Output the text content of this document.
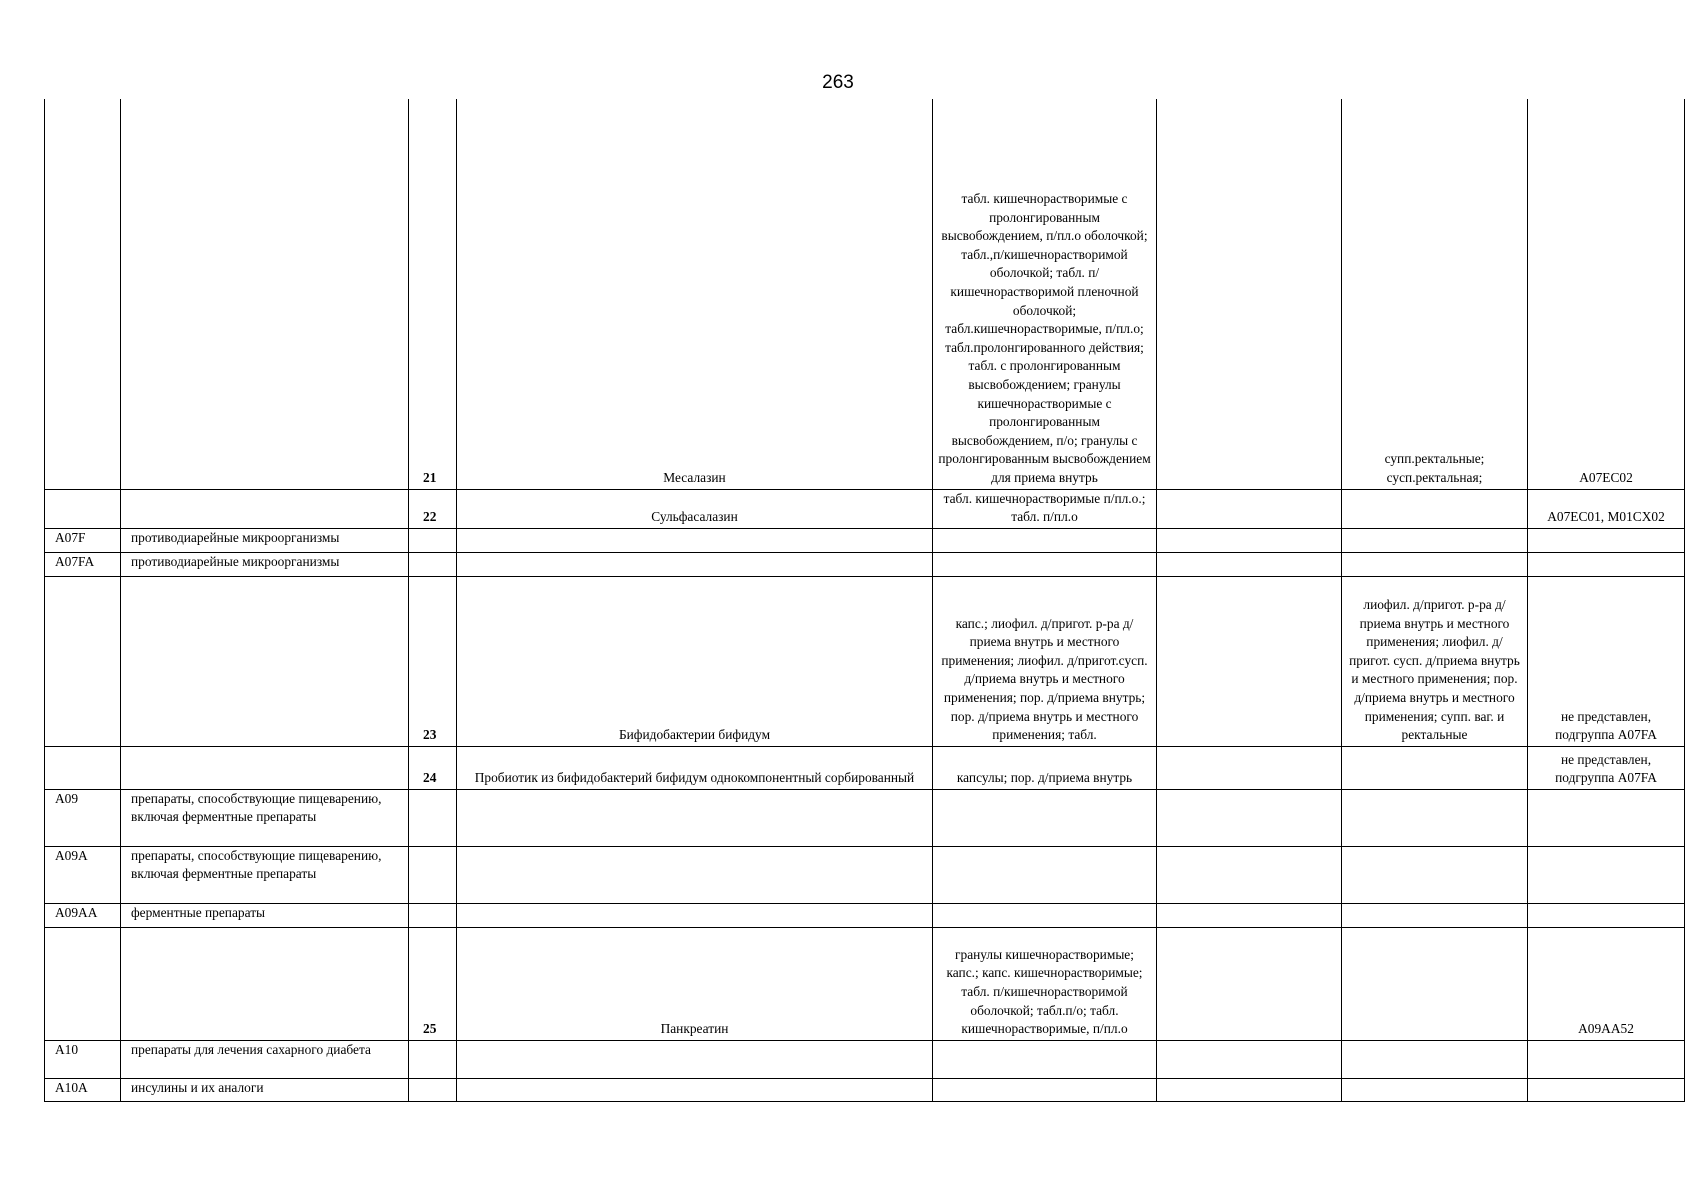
263
		21	Месалазин	табл. кишечнорастворимые с пролонгированным высвобождением, п/пл.о оболочкой; табл.,п/кишечнорастворимой оболочкой; табл. п/кишечнорастворимой пленочной оболочкой; табл.кишечнорастворимые, п/пл.о; табл.пролонгированного действия; табл. с пролонгированным высвобождением; гранулы кишечнорастворимые с пролонгированным высвобождением, п/о; гранулы с пролонгированным высвобождением для приема внутрь		супп.ректальные; сусп.ректальная;	A07EC02
		22	Сульфасалазин	табл. кишечнорастворимые п/пл.о.; табл. п/пл.о			A07EC01, M01CX02
A07F	противодиарейные микроорганизмы						
A07FA	противодиарейные микроорганизмы						
		23	Бифидобактерии бифидум	капс.; лиофил. д/пригот. р-ра д/приема внутрь и местного применения; лиофил. д/пригот.сусп. д/приема внутрь и местного применения; пор. д/приема внутрь; пор. д/приема внутрь и местного применения; табл.		лиофил. д/пригот. р-ра д/приема внутрь и местного применения; лиофил. д/пригот. сусп. д/приема внутрь и местного применения; пор. д/приема внутрь и местного применения; супп. ваг. и ректальные	не представлен, подгруппа A07FA
		24	Пробиотик из бифидобактерий бифидум однокомпонентный сорбированный	капсулы; пор. д/приема внутрь			не представлен, подгруппа A07FA
A09	препараты, способствующие пищеварению, включая ферментные препараты						
A09A	препараты, способствующие пищеварению, включая ферментные препараты						
A09AA	ферментные препараты						
		25	Панкреатин	гранулы кишечнорастворимые; капс.; капс. кишечнорастворимые; табл. п/кишечнорастворимой оболочкой; табл.п/о; табл. кишечнорастворимые, п/пл.о			A09AA52
A10	препараты для лечения сахарного диабета						
A10A	инсулины и их аналоги						
